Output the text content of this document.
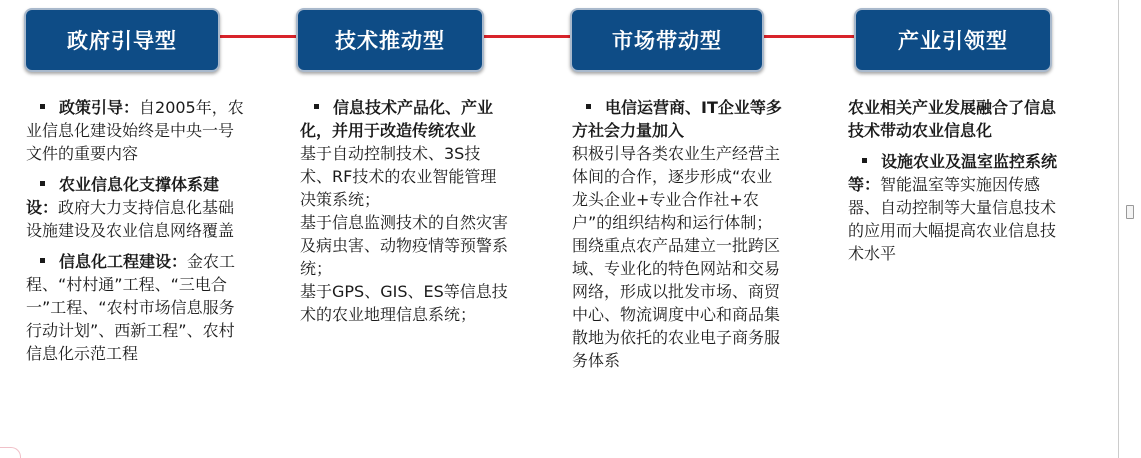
政府引导型	技术推动型	市场带动型	产业引领型

政策引导：自2005年，农业信息化建设始终是中央一号文件的重要内容

农业信息化支撑体系建设：政府大力支持信息化基础设施建设及农业信息网络覆盖

信息化工程建设：金农工程、“村村通”工程、“三电合一”工程、“农村市场信息服务行动计划”、西新工程”、农村信息化示范工程

信息技术产品化、产业化，并用于改造传统农业

基于自动控制技术、3S技术、RF技术的农业智能管理决策系统；

基于信息监测技术的自然灾害及病虫害、动物疫情等预警系统；

基于GPS、GIS、ES等信息技术的农业地理信息系统；

电信运营商、IT企业等多方社会力量加入

积极引导各类农业生产经营主体间的合作，逐步形成“农业龙头企业+专业合作社+农户”的组织结构和运行体制；

围绕重点农产品建立一批跨区域、专业化的特色网站和交易网络，形成以批发市场、商贸中心、物流调度中心和商品集散地为依托的农业电子商务服务体系

农业相关产业发展融合了信息技术带动农业信息化

设施农业及温室监控系统等：智能温室等实施因传感器、自动控制等大量信息技术的应用而大幅提高农业信息技术水平
